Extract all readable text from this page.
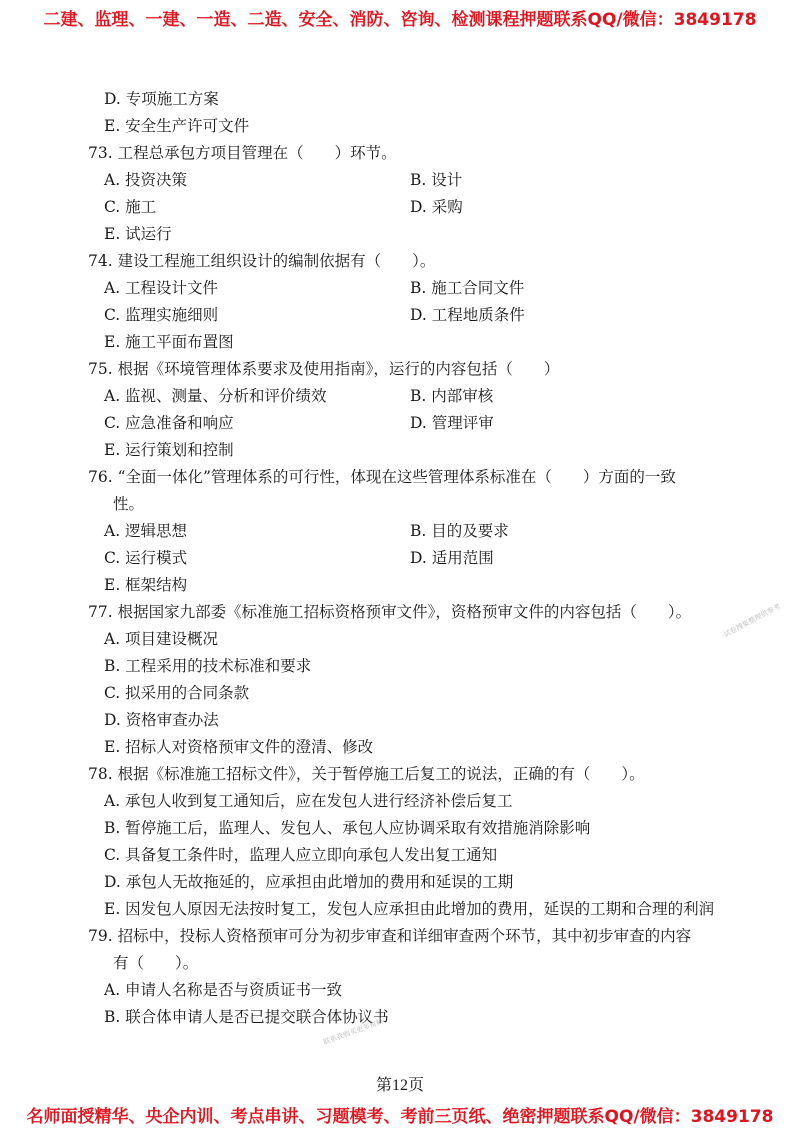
二建、监理、一建、一造、二造、安全、消防、咨询、检测课程押题联系QQ/微信：3849178
D. 专项施工方案
E. 安全生产许可文件
73. 工程总承包方项目管理在（　　）环节。
A. 投资决策	B. 设计
C. 施工	D. 采购
E. 试运行
74. 建设工程施工组织设计的编制依据有（　　）。
A. 工程设计文件	B. 施工合同文件
C. 监理实施细则	D. 工程地质条件
E. 施工平面布置图
75. 根据《环境管理体系要求及使用指南》，运行的内容包括（　　）
A. 监视、测量、分析和评价绩效	B. 内部审核
C. 应急准备和响应	D. 管理评审
E. 运行策划和控制
76. “全面一体化”管理体系的可行性，体现在这些管理体系标准在（　　）方面的一致
性。
A. 逻辑思想	B. 目的及要求
C. 运行模式	D. 适用范围
E. 框架结构
77. 根据国家九部委《标准施工招标资格预审文件》，资格预审文件的内容包括（　　）。
A. 项目建设概况
B. 工程采用的技术标准和要求
C. 拟采用的合同条款
D. 资格审查办法
E. 招标人对资格预审文件的澄清、修改
78. 根据《标准施工招标文件》，关于暂停施工后复工的说法，正确的有（　　）。
A. 承包人收到复工通知后，应在发包人进行经济补偿后复工
B. 暂停施工后，监理人、发包人、承包人应协调采取有效措施消除影响
C. 具备复工条件时，监理人应立即向承包人发出复工通知
D. 承包人无故拖延的，应承担由此增加的费用和延误的工期
E. 因发包人原因无法按时复工，发包人应承担由此增加的费用，延误的工期和合理的利润
79. 招标中，投标人资格预审可分为初步审查和详细审查两个环节，其中初步审查的内容
有（　　）。
A. 申请人名称是否与资质证书一致
B. 联合体申请人是否已提交联合体协议书
·试卷搜集整理供参考
联系我购买更多资料
第12页
名师面授精华、央企内训、考点串讲、习题模考、考前三页纸、绝密押题联系QQ/微信：3849178
